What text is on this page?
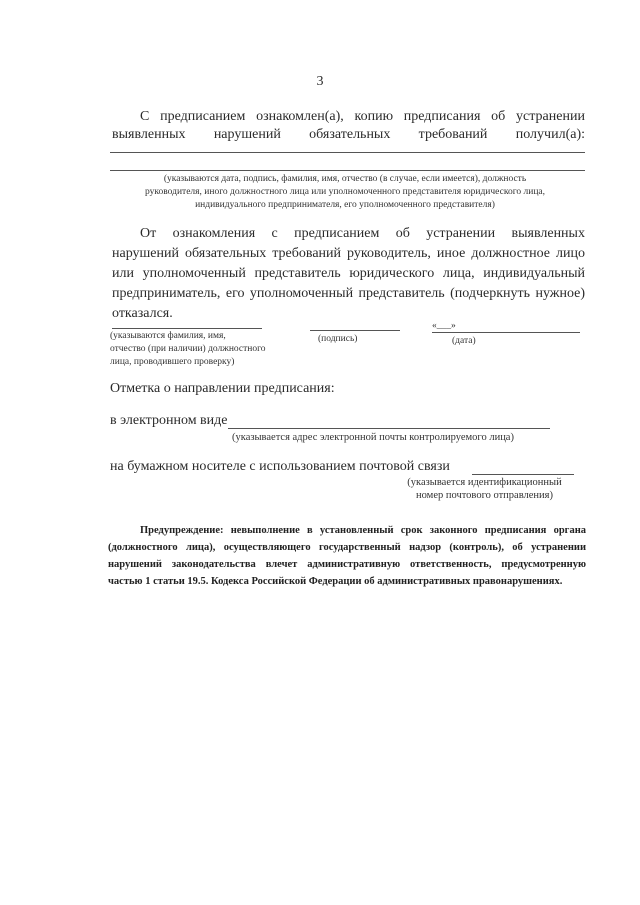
3
С предписанием ознакомлен(а), копию предписания об устранении
выявленных нарушений обязательных требований получил(а):
(указываются дата, подпись, фамилия, имя, отчество (в случае, если имеется), должность
руководителя, иного должностного лица или уполномоченного представителя юридического лица,
индивидуального предпринимателя, его уполномоченного представителя)
От ознакомления с предписанием об устранении выявленных
нарушений обязательных требований руководитель, иное должностное лицо
или уполномоченный представитель юридического лица, индивидуальный
предприниматель, его уполномоченный представитель (подчеркнуть нужное)
отказался.
(указываются фамилия, имя,
отчество (при наличии) должностного
лица, проводившего проверку)
(подпись)
«___»
(дата)
Отметка о направлении предписания:
в электронном виде
(указывается адрес электронной почты контролируемого лица)
на бумажном носителе с использованием почтовой связи
(указывается идентификационный
номер почтового отправления)
Предупреждение: невыполнение в установленный срок законного предписания органа
(должностного лица), осуществляющего государственный надзор (контроль), об устранении
нарушений законодательства влечет административную ответственность, предусмотренную
частью 1 статьи 19.5. Кодекса Российской Федерации об административных правонарушениях.
